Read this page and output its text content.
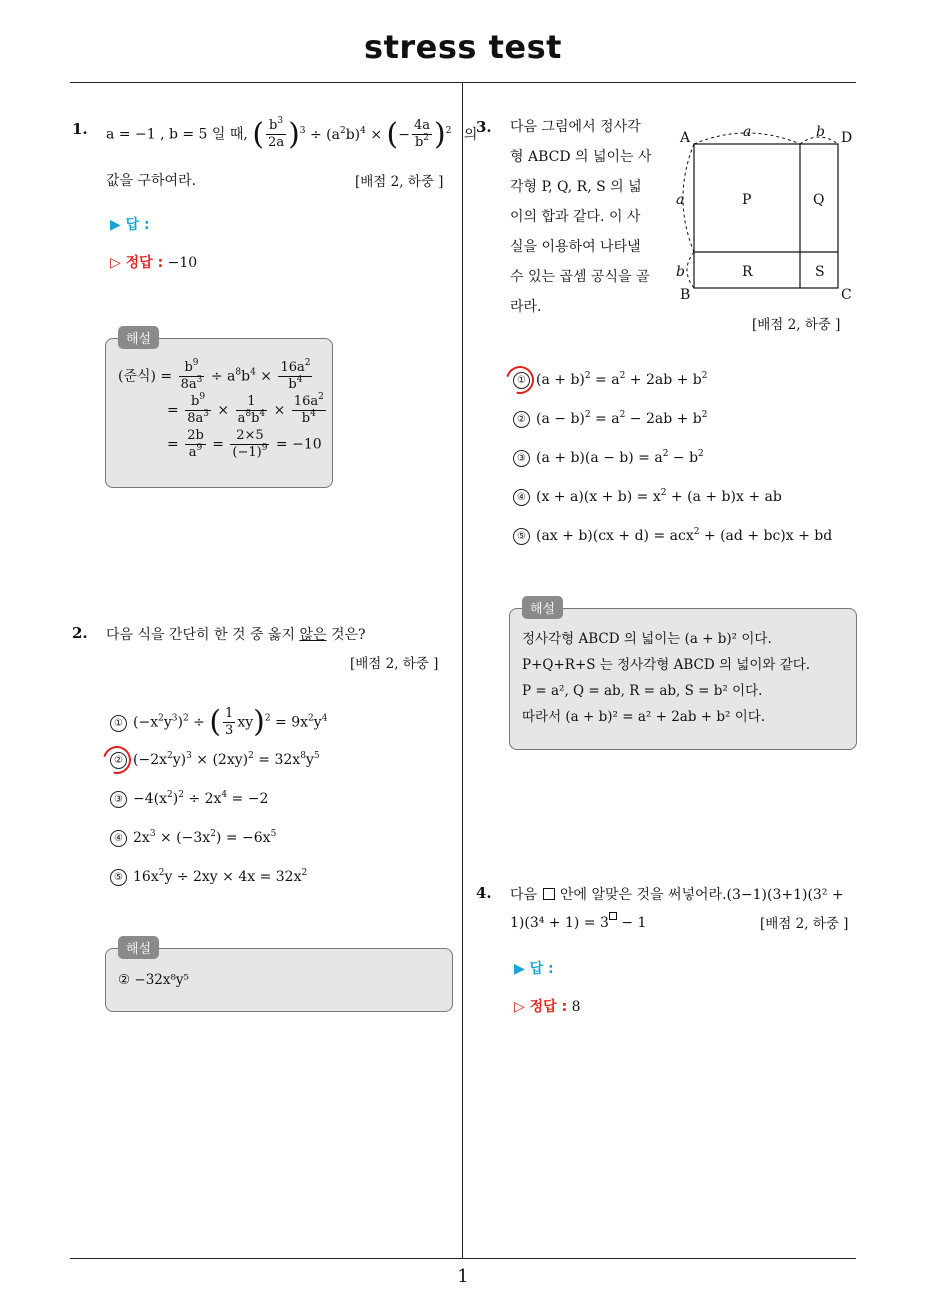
stress test
1
1. a = −1 , b = 5 일 때, ( $\frac{b^3}{2a} )^3 \div (a^2b)^4$ × (− $\frac{4a}{b^2} )^2$ 의
값을 구하여라.	[배점 2, 하중 ]
▶ 답 :
▷ 정답 : −10
해설
(준식) = $\frac{b^9}{8a^3} \div a^8b^4 \times \frac{16a^2}{b^4}$
= $\frac{b^9}{8a^3} \times \frac{1}{a^8b^4} \times \frac{16a^2}{b^4}$
= $\frac{2b}{a^9} = \frac{2\times 5}{(-1)^9} = -10$
2. 다음 식을 간단히 한 것 중 옳지 않은 것은?
[배점 2, 하중 ]
① $(-x^2y^3)^2$ ÷ ( $\frac{1}{3} xy)^2 = 9x^2y^4$
② $(-2x^2y)^3 \times (2xy)^2 = 32x^8y^5$
③ $-4(x^2)^2 \div 2x^4 = -2$
④ $2x^3 \times (-3x^2) = -6x^5$
⑤ $16x^2y \div 2xy \times 4x = 32x^2$
해설
② −32x⁸y⁵
3. 다음 그림에서 정사각
형 ABCD 의 넓이는 사
각형 P, Q, R, S 의 넓
이의 합과 같다. 이 사
실을 이용하여 나타낼
수 있는 곱셈 공식을 골
라라.
A
B	C
D
P	Q
R	S
a	b
a
b
[배점 2, 하중 ]
① $(a + b)^2 = a^2 + 2ab + b^2$
② $(a - b)^2 = a^2 - 2ab + b^2$
③ $(a + b)(a - b) = a^2 - b^2$
④ $(x + a)(x + b) = x^2 + (a + b)x$ + ab
⑤ (ax + b)(cx + d) = acx$^2$ + (ad + bc)x + bd
해설
정사각형 ABCD 의 넓이는 (a + b)² 이다.
P+Q+R+S 는 정사각형 ABCD 의 넓이와 같다.
P = a², Q = ab, R = ab, S = b² 이다.
따라서 (a + b)² = a² + 2ab + b² 이다.
4. 다음 안에 알맞은 것을 써넣어라.(3−1)(3+1)(3² +
1)(3⁴ + 1) = 3 − 1	[배점 2, 하중 ]
▶ 답 :
▷ 정답 : 8
